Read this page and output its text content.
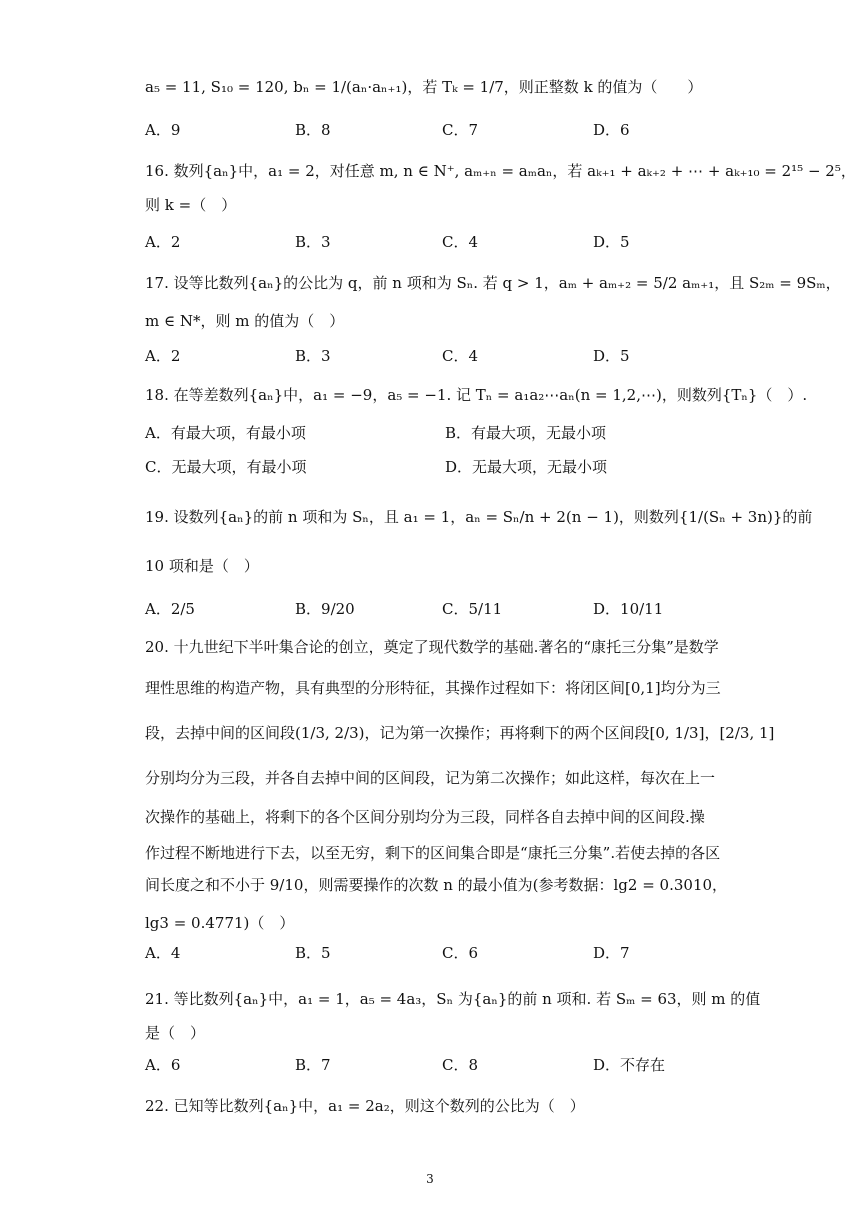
a₅ = 11, S₁₀ = 120, bₙ = 1/(aₙ·aₙ₊₁)，若 Tₖ = 1/7，则正整数 k 的值为（　　）
16. 数列{aₙ}中，a₁ = 2，对任意 m, n ∈ N⁺, aₘ₊ₙ = aₘaₙ，若 aₖ₊₁ + aₖ₊₂ + ⋯ + aₖ₊₁₀ = 2¹⁵ − 2⁵，
则 k =（　）
17. 设等比数列{aₙ}的公比为 q，前 n 项和为 Sₙ. 若 q > 1，aₘ + aₘ₊₂ = 5/2 aₘ₊₁，且 S₂ₘ = 9Sₘ，
m ∈ N*，则 m 的值为（　）
18. 在等差数列{aₙ}中，a₁ = −9，a₅ = −1. 记 Tₙ = a₁a₂⋯aₙ(n = 1,2,⋯)，则数列{Tₙ}（　）.
19. 设数列{aₙ}的前 n 项和为 Sₙ，且 a₁ = 1，aₙ = Sₙ/n + 2(n − 1)，则数列{1/(Sₙ + 3n)}的前
10 项和是（　）
20. 十九世纪下半叶集合论的创立，奠定了现代数学的基础.著名的“康托三分集”是数学
理性思维的构造产物，具有典型的分形特征，其操作过程如下：将闭区间[0,1]均分为三
段，去掉中间的区间段(1/3, 2/3)，记为第一次操作；再将剩下的两个区间段[0, 1/3]，[2/3, 1]
分别均分为三段，并各自去掉中间的区间段，记为第二次操作；如此这样，每次在上一
次操作的基础上，将剩下的各个区间分别均分为三段，同样各自去掉中间的区间段.操
作过程不断地进行下去，以至无穷，剩下的区间集合即是“康托三分集”.若使去掉的各区
间长度之和不小于 9/10，则需要操作的次数 n 的最小值为(参考数据：lg2 = 0.3010，
lg3 = 0.4771)（　）
21. 等比数列{aₙ}中，a₁ = 1，a₅ = 4a₃，Sₙ 为{aₙ}的前 n 项和. 若 Sₘ = 63，则 m 的值
是（　）
22. 已知等比数列{aₙ}中，a₁ = 2a₂，则这个数列的公比为（　）
A．9	B．8	C．7	D．6
A．2	B．3	C．4	D．5
A．2	B．3	C．4	D．5
A．有最大项，有最小项	B．有最大项，无最小项
C．无最大项，有最小项	D．无最大项，无最小项
A．2/5	B．9/20	C．5/11	D．10/11
A．4	B．5	C．6	D．7
A．6	B．7	C．8	D．不存在
3
